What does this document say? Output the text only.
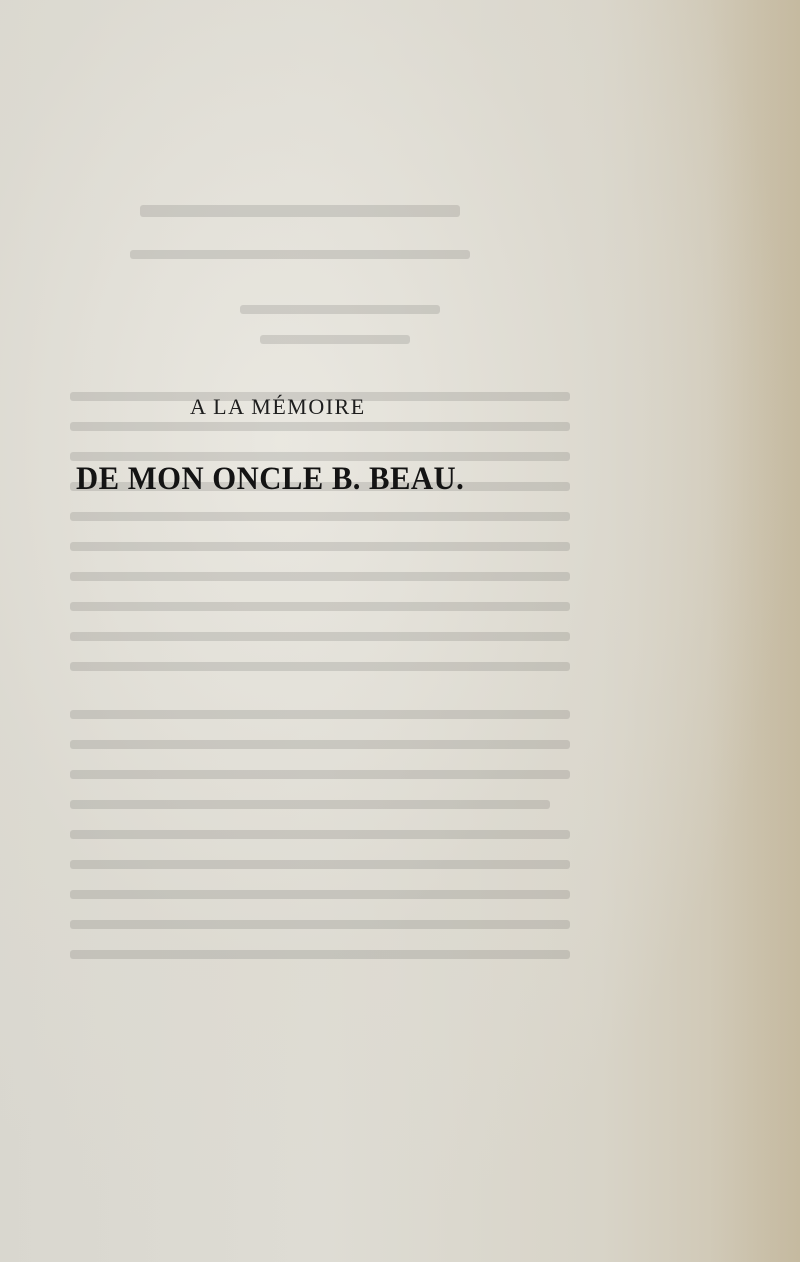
A LA MÉMOIRE
DE MON ONCLE B. BEAU.
